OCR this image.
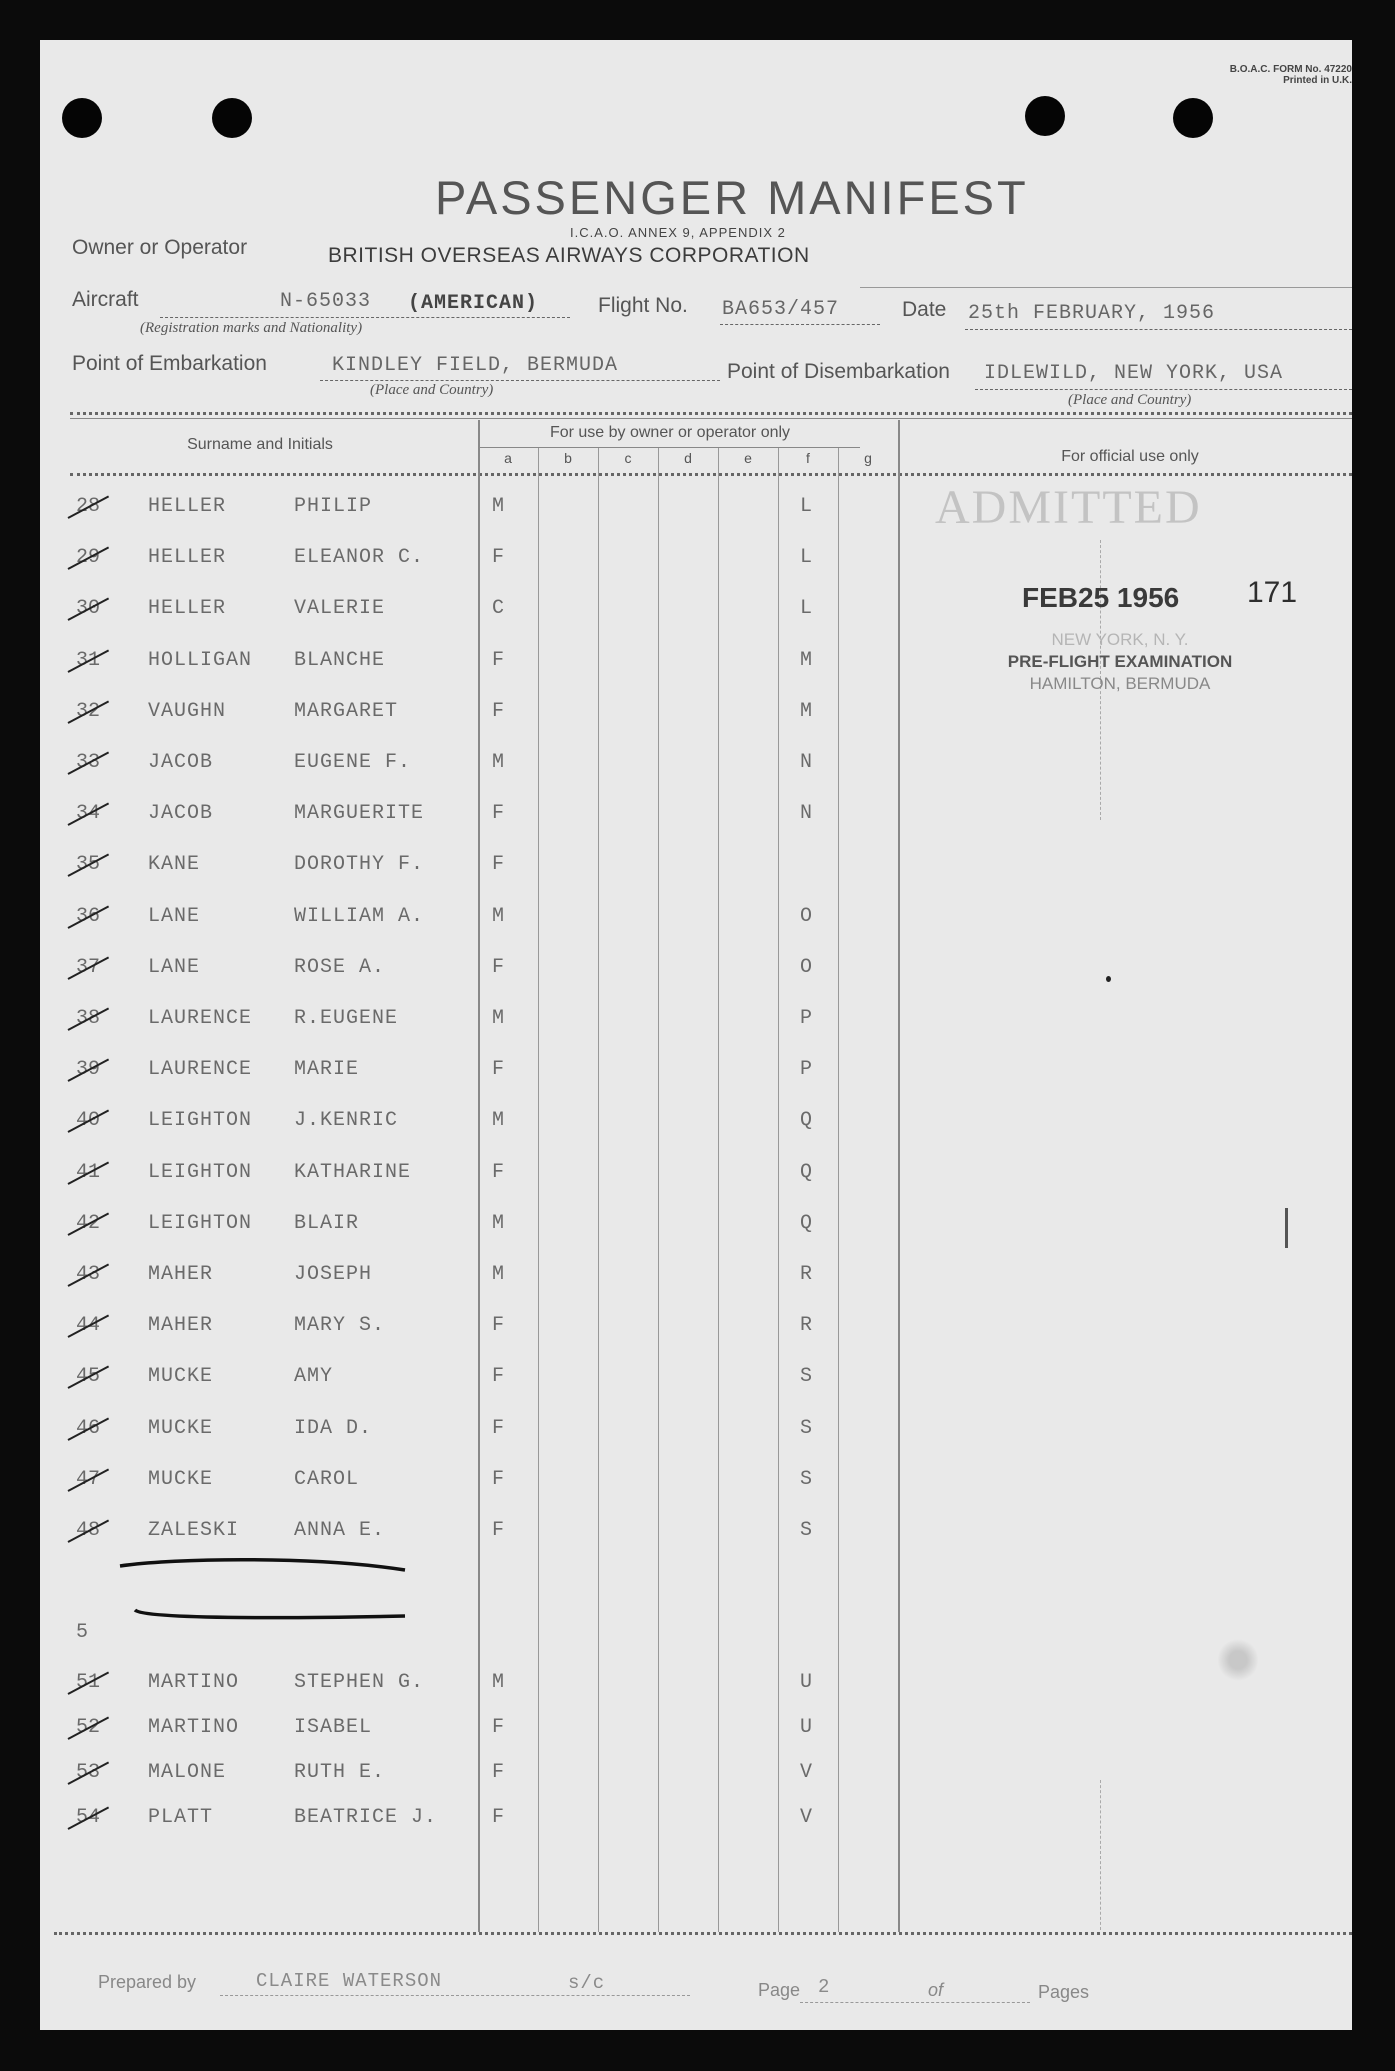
B.O.A.C. FORM No. 47220
Printed in U.K.
PASSENGER MANIFEST
I.C.A.O. ANNEX 9, APPENDIX 2
Owner or Operator	BRITISH OVERSEAS AIRWAYS CORPORATION
Aircraft	N-65033 (AMERICAN)
(Registration marks and Nationality)
Flight No. BA653/457	Date 25th FEBRUARY, 1956
Point of Embarkation	KINDLEY FIELD, BERMUDA
(Place and Country)
Point of Disembarkation IDLEWILD, NEW YORK, USA
(Place and Country)
Surname and Initials
For use by owner or operator only
For official use only
a	b	c	d	e	f	g
28 HELLER	PHILIP	M	L
29 HELLER	ELEANOR C.	F	L
30 HELLER	VALERIE	C	L
31 HOLLIGAN BLANCHE	F	M
32 VAUGHN	MARGARET	F	M
33 JACOB	EUGENE F.	M	N
34 JACOB	MARGUERITE	F	N
35 KANE	DOROTHY F.	F
36 LANE	WILLIAM A.	M	O
37 LANE	ROSE A.	F	O
38 LAURENCE R.EUGENE	M	P
39 LAURENCE MARIE	F	P
40 LEIGHTON J.KENRIC	M	Q
41 LEIGHTON KATHARINE	F	Q
42 LEIGHTON BLAIR	M	Q
43 MAHER	JOSEPH	M	R
44 MAHER	MARY S.	F	R
45 MUCKE	AMY	F	S
46 MUCKE	IDA D.	F	S
47 MUCKE	CAROL	F	S
48 ZALESKI	ANNA E.	F	S
5
51 MARTINO	STEPHEN G.	M	U
52 MARTINO	ISABEL	F	U
53 MALONE	RUTH E.	F	V
54 PLATT	BEATRICE J.	F	V
ADMITTED
FEB25 1956 171
NEW YORK, N. Y.
PRE-FLIGHT EXAMINATION
HAMILTON, BERMUDA
Prepared by	CLAIRE WATERSON	s/c	Page 2	of	Pages
